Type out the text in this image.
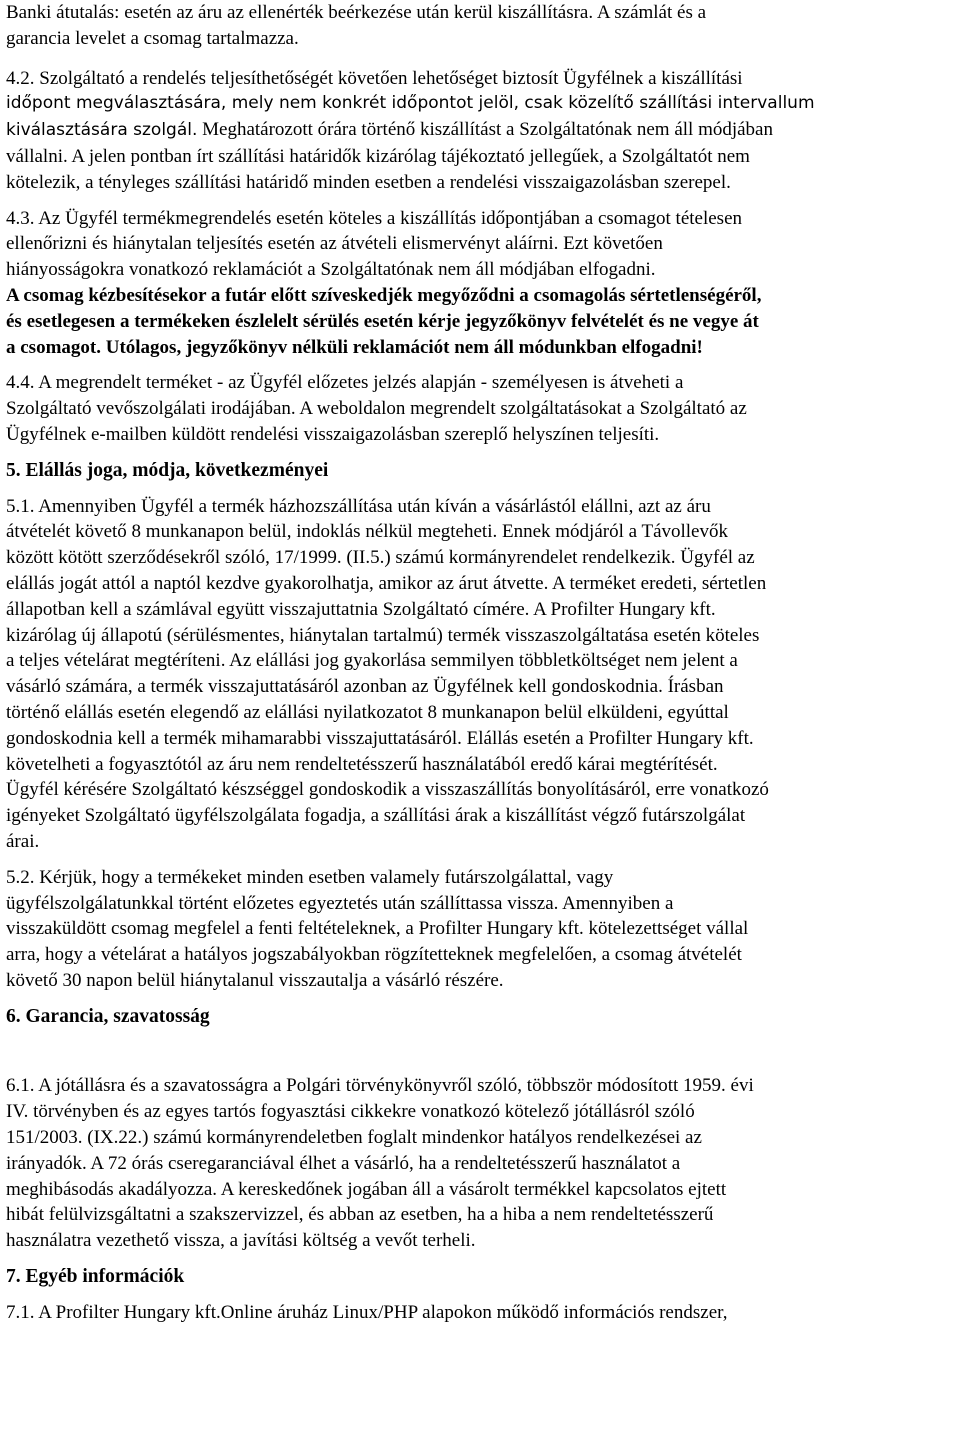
Banki átutalás: esetén az áru az ellenérték beérkezése után kerül kiszállításra. A számlát és a
garancia levelet a csomag tartalmazza.
4.2. Szolgáltató a rendelés teljesíthetőségét követően lehetőséget biztosít Ügyfélnek a kiszállítási
időpont megválasztására, mely nem konkrét időpontot jelöl, csak közelítő szállítási intervallum
kiválasztására szolgál. Meghatározott órára történő kiszállítást a Szolgáltatónak nem áll módjában
vállalni. A jelen pontban írt szállítási határidők kizárólag tájékoztató jellegűek, a Szolgáltatót nem
kötelezik, a tényleges szállítási határidő minden esetben a rendelési visszaigazolásban szerepel.
4.3. Az Ügyfél termékmegrendelés esetén köteles a kiszállítás időpontjában a csomagot tételesen
ellenőrizni és hiánytalan teljesítés esetén az átvételi elismervényt aláírni. Ezt követően
hiányosságokra vonatkozó reklamációt a Szolgáltatónak nem áll módjában elfogadni.
A csomag kézbesítésekor a futár előtt szíveskedjék megyőződni a csomagolás sértetlenségéről,
és esetlegesen a termékeken észlelelt sérülés esetén kérje jegyzőkönyv felvételét és ne vegye át
a csomagot. Utólagos, jegyzőkönyv nélküli reklamációt nem áll módunkban elfogadni!
4.4. A megrendelt terméket - az Ügyfél előzetes jelzés alapján - személyesen is átveheti a
Szolgáltató vevőszolgálati irodájában. A weboldalon megrendelt szolgáltatásokat a Szolgáltató az
Ügyfélnek e-mailben küldött rendelési visszaigazolásban szereplő helyszínen teljesíti.
5. Elállás joga, módja, következményei
5.1. Amennyiben Ügyfél a termék házhozszállítása után kíván a vásárlástól elállni, azt az áru
átvételét követő 8 munkanapon belül, indoklás nélkül megteheti. Ennek módjáról a Távollevők
között kötött szerződésekről szóló, 17/1999. (II.5.) számú kormányrendelet rendelkezik. Ügyfél az
elállás jogát attól a naptól kezdve gyakorolhatja, amikor az árut átvette. A terméket eredeti, sértetlen
állapotban kell a számlával együtt visszajuttatnia Szolgáltató címére. A Profilter Hungary kft.
kizárólag új állapotú (sérülésmentes, hiánytalan tartalmú) termék visszaszolgáltatása esetén köteles
a teljes vételárat megtéríteni. Az elállási jog gyakorlása semmilyen többletköltséget nem jelent a
vásárló számára, a termék visszajuttatásáról azonban az Ügyfélnek kell gondoskodnia. Írásban
történő elállás esetén elegendő az elállási nyilatkozatot 8 munkanapon belül elküldeni, egyúttal
gondoskodnia kell a termék mihamarabbi visszajuttatásáról. Elállás esetén a Profilter Hungary kft.
követelheti a fogyasztótól az áru nem rendeltetésszerű használatából eredő kárai megtérítését.
Ügyfél kérésére Szolgáltató készséggel gondoskodik a visszaszállítás bonyolításáról, erre vonatkozó
igényeket Szolgáltató ügyfélszolgálata fogadja, a szállítási árak a kiszállítást végző futárszolgálat
árai.
5.2. Kérjük, hogy a termékeket minden esetben valamely futárszolgálattal, vagy
ügyfélszolgálatunkkal történt előzetes egyeztetés után szállíttassa vissza. Amennyiben a
visszaküldött csomag megfelel a fenti feltételeknek, a Profilter Hungary kft. kötelezettséget vállal
arra, hogy a vételárat a hatályos jogszabályokban rögzítetteknek megfelelően, a csomag átvételét
követő 30 napon belül hiánytalanul visszautalja a vásárló részére.
6. Garancia, szavatosság
6.1. A jótállásra és a szavatosságra a Polgári törvénykönyvről szóló, többször módosított 1959. évi
IV. törvényben és az egyes tartós fogyasztási cikkekre vonatkozó kötelező jótállásról szóló
151/2003. (IX.22.) számú kormányrendeletben foglalt mindenkor hatályos rendelkezései az
irányadók. A 72 órás cseregaranciával élhet a vásárló, ha a rendeltetésszerű használatot a
meghibásodás akadályozza. A kereskedőnek jogában áll a vásárolt termékkel kapcsolatos ejtett
hibát felülvizsgáltatni a szakszervizzel, és abban az esetben, ha a hiba a nem rendeltetésszerű
használatra vezethető vissza, a javítási költség a vevőt terheli.
7. Egyéb információk
7.1. A Profilter Hungary kft.Online áruház Linux/PHP alapokon működő információs rendszer,
